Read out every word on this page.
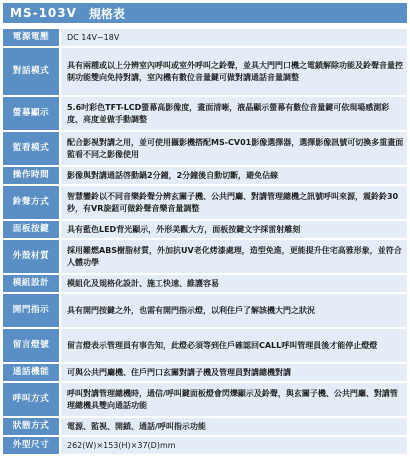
MS-103V 規格表
電源電壓	DC 14V~18V
對話模式	具有兩種或以上分辨室內呼叫或室外呼叫之鈴聲，並具大門門口機之電鎖解除功能及鈴聲音量控制功能雙向免持對講，室內機有數位音量鍵可做對講通話音量調整
螢幕顯示	5.6吋彩色TFT-LCD螢幕高影像度，畫面清晰，液晶顯示螢幕有數位音量鍵可依現場感測彩度、亮度並做手動調整
監看模式	配合影視對講之用，並可使用攝影機搭配MS-CV01影像選擇器，選擇影像訊號可切換多重畫面監看不同之影像使用
操作時間	影像與對講通話啓動鍋2分鐘，2分鐘後自動切斷，避免佔線
鈴聲方式	智慧鑾鈴以不同音樂鈴聲分辨玄關子機、公共門廳、對講管理總機之訊號呼叫來源，震鈴鈴30秒，有VR旋鈕可做鈴聲音樂音量調整
面板按鍵	具有藍色LED背光顯示，外形美觀大方，面板按鍵文字採雷射雕刻
外殼材質	採用難燃ABS樹脂材質，外加抗UV老化烤漆處理，造型免進，更能提升住宅高雅形象，並符合人體功學
模組設計	模組化及規格化設計、施工快速、維護容易
開門指示	具有開門按鍵之外，也需有開門指示燈，以利住戶了解該機大門之狀況
留言燈號	留言燈表示管理員有事告知，此燈必須等到住戶確認回CALL呼叫管理員後才能停止燈燈
通話機能	可與公共門廳機、住戶門口玄關對講子機及管理員對講總機對講
呼叫方式	呼叫對講管理總機時，通信/呼叫鍵面板燈會閃爍顯示及鈴聲，與玄關子機、公共門廳、對講管理總機具雙向通話功能
狀態方式	電源、監視、開鎖、通話/呼叫指示功能
外型尺寸	262(W)×153(H)×37(D)mm
